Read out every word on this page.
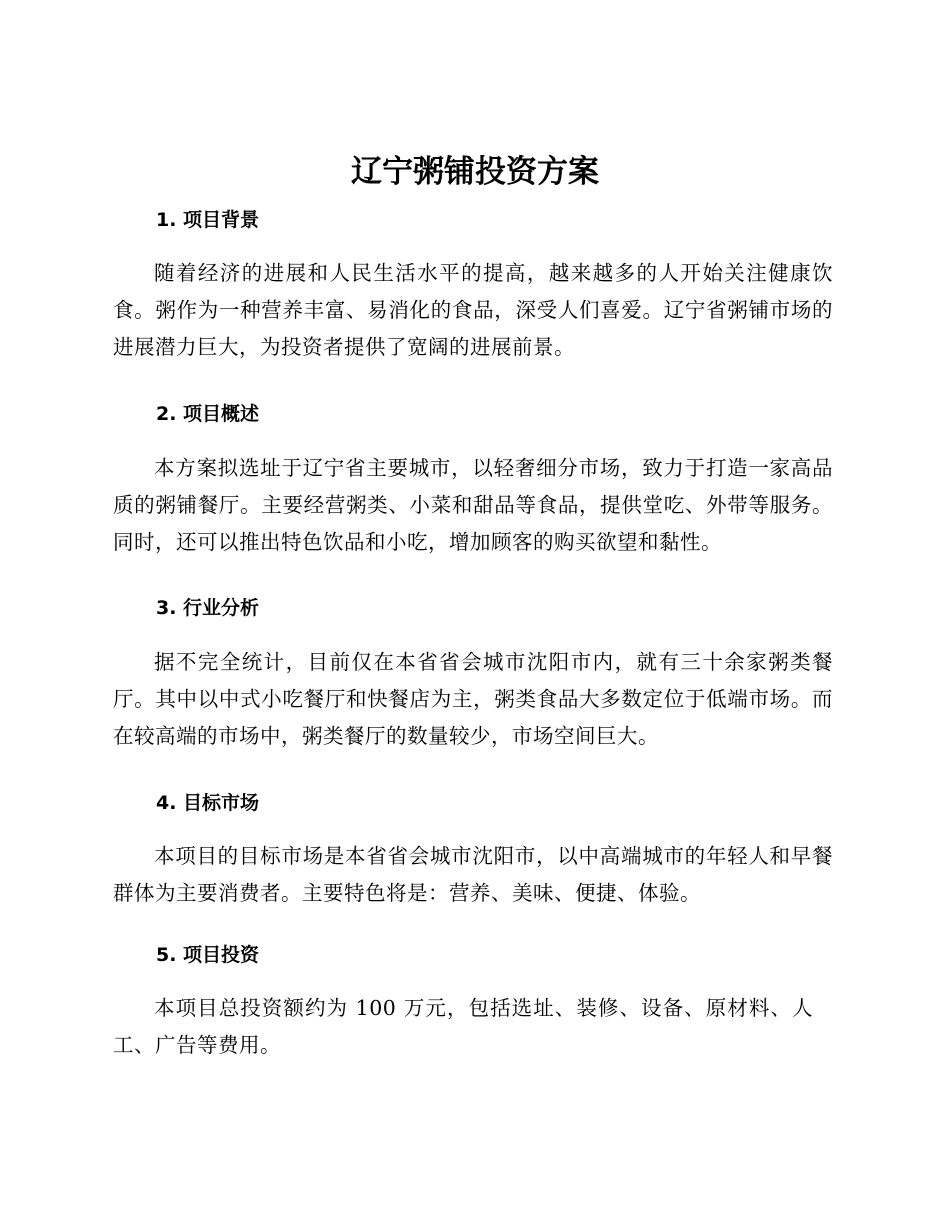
辽宁粥铺投资方案
1. 项目背景

随着经济的进展和人民生活水平的提高，越来越多的人开始关注健康饮食。粥作为一种营养丰富、易消化的食品，深受人们喜爱。辽宁省粥铺市场的进展潜力巨大，为投资者提供了宽阔的进展前景。

2. 项目概述

本方案拟选址于辽宁省主要城市，以轻奢细分市场，致力于打造一家高品质的粥铺餐厅。主要经营粥类、小菜和甜品等食品，提供堂吃、外带等服务。同时，还可以推出特色饮品和小吃，增加顾客的购买欲望和黏性。

3. 行业分析

据不完全统计，目前仅在本省省会城市沈阳市内，就有三十余家粥类餐厅。其中以中式小吃餐厅和快餐店为主，粥类食品大多数定位于低端市场。而在较高端的市场中，粥类餐厅的数量较少，市场空间巨大。

4. 目标市场

本项目的目标市场是本省省会城市沈阳市，以中高端城市的年轻人和早餐群体为主要消费者。主要特色将是：营养、美味、便捷、体验。

5. 项目投资

本项目总投资额约为 100 万元，包括选址、装修、设备、原材料、人工、广告等费用。
